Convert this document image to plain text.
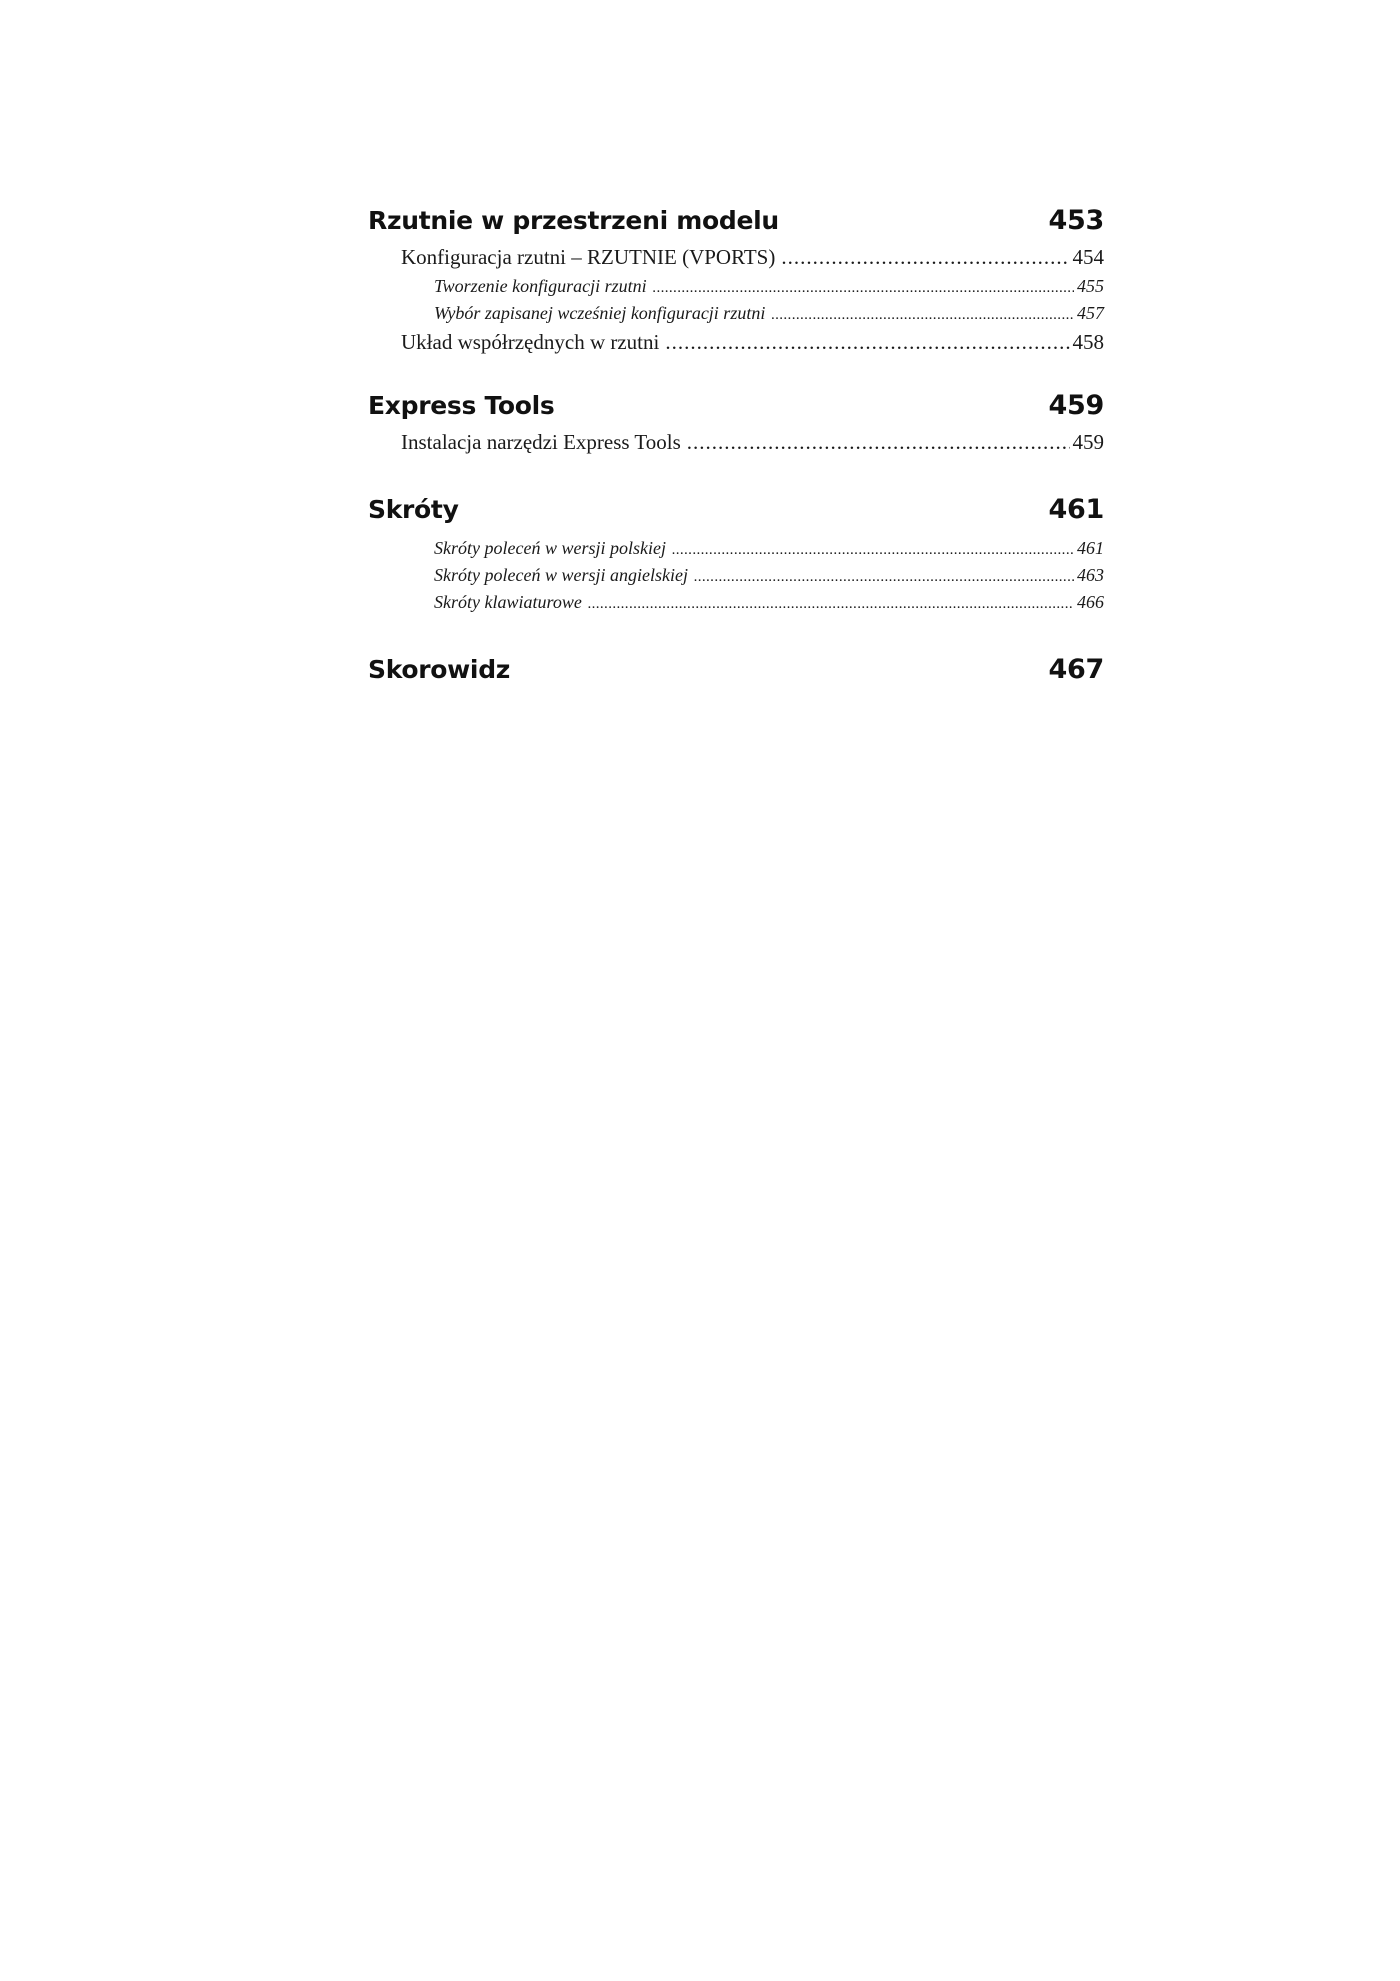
Rzutnie w przestrzeni modelu	453
Konfiguracja rzutni – RZUTNIE (VPORTS) .....	454
Tworzenie konfiguracji rzutni .....	455
Wybór zapisanej wcześniej konfiguracji rzutni .....	457
Układ współrzędnych w rzutni .....	458
Express Tools	459
Instalacja narzędzi Express Tools .....	459
Skróty	461
Skróty poleceń w wersji polskiej .....	461
Skróty poleceń w wersji angielskiej .....	463
Skróty klawiaturowe .....	466
Skorowidz	467
